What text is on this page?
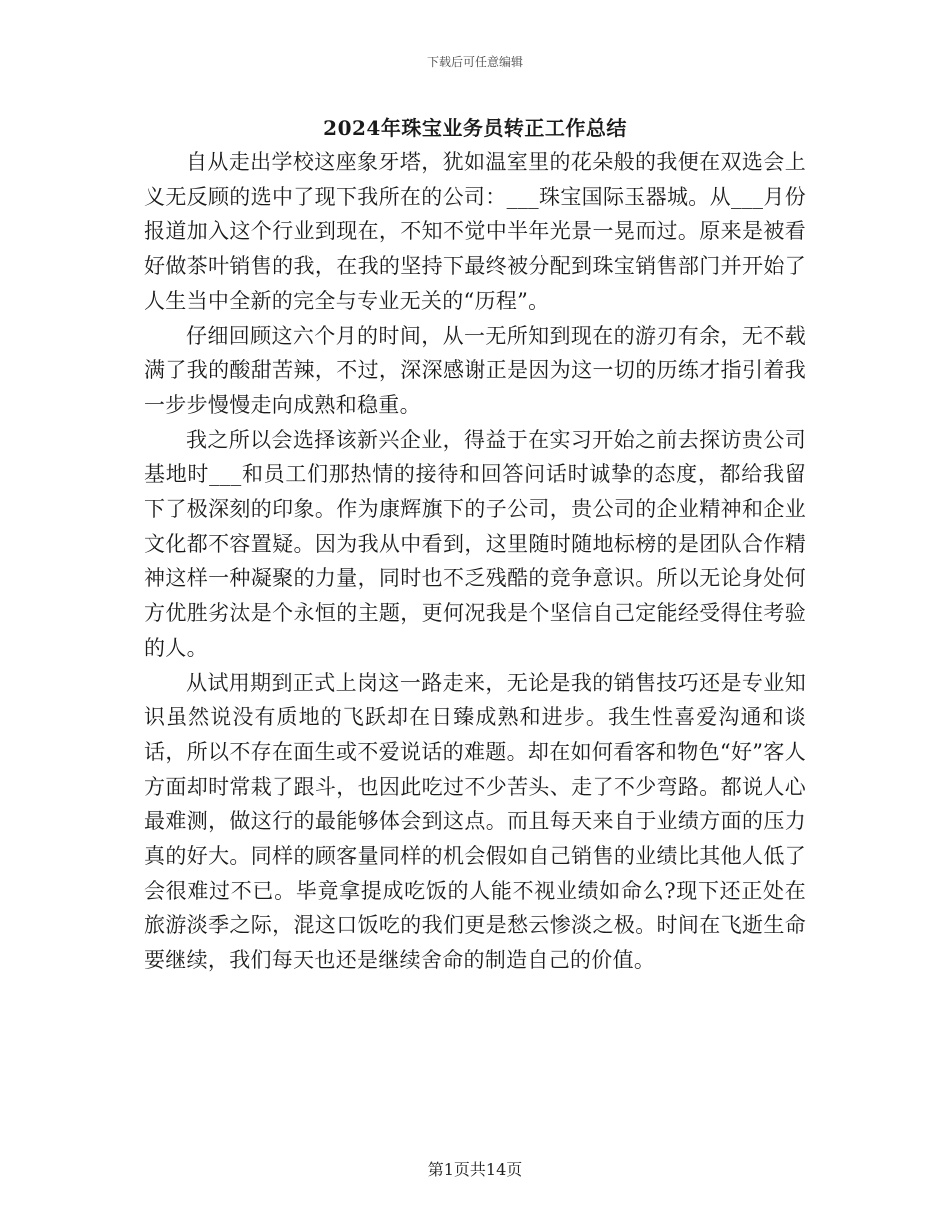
下载后可任意编辑
2024年珠宝业务员转正工作总结

自从走出学校这座象牙塔，犹如温室里的花朵般的我便在双选会上义无反顾的选中了现下我所在的公司：___珠宝国际玉器城。从___月份报道加入这个行业到现在，不知不觉中半年光景一晃而过。原来是被看好做茶叶销售的我，在我的坚持下最终被分配到珠宝销售部门并开始了人生当中全新的完全与专业无关的“历程”。

仔细回顾这六个月的时间，从一无所知到现在的游刃有余，无不载满了我的酸甜苦辣，不过，深深感谢正是因为这一切的历练才指引着我一步步慢慢走向成熟和稳重。

我之所以会选择该新兴企业，得益于在实习开始之前去探访贵公司基地时___和员工们那热情的接待和回答问话时诚挚的态度，都给我留下了极深刻的印象。作为康辉旗下的子公司，贵公司的企业精神和企业文化都不容置疑。因为我从中看到，这里随时随地标榜的是团队合作精神这样一种凝聚的力量，同时也不乏残酷的竞争意识。所以无论身处何方优胜劣汰是个永恒的主题，更何况我是个坚信自己定能经受得住考验的人。

从试用期到正式上岗这一路走来，无论是我的销售技巧还是专业知识虽然说没有质地的飞跃却在日臻成熟和进步。我生性喜爱沟通和谈话，所以不存在面生或不爱说话的难题。却在如何看客和物色“好”客人方面却时常栽了跟斗，也因此吃过不少苦头、走了不少弯路。都说人心最难测，做这行的最能够体会到这点。而且每天来自于业绩方面的压力真的好大。同样的顾客量同样的机会假如自己销售的业绩比其他人低了会很难过不已。毕竟拿提成吃饭的人能不视业绩如命么?现下还正处在旅游淡季之际，混这口饭吃的我们更是愁云惨淡之极。时间在飞逝生命要继续，我们每天也还是继续舍命的制造自己的价值。

第1页共14页
